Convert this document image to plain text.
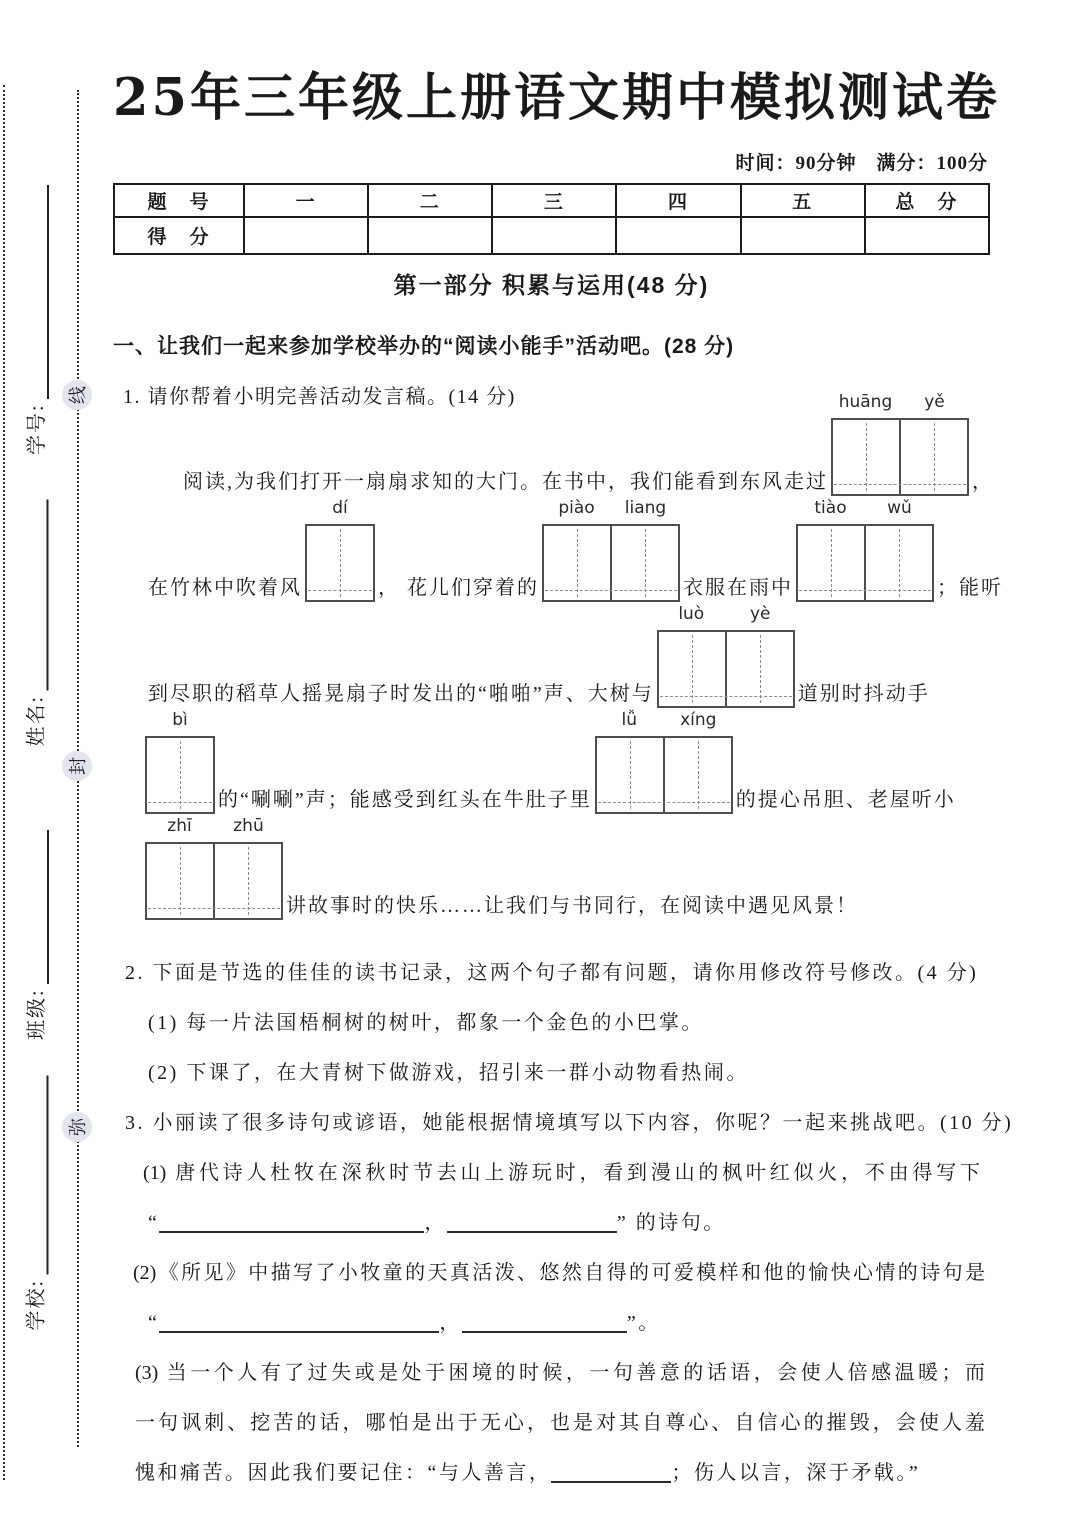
学号:
姓名:
班级:
学校:
线
封
弥
25年三年级上册语文期中模拟测试卷
时间：90分钟　满分：100分
题　号	一	二	三	四	五	总　分
得　分						
第一部分 积累与运用(48 分)
一、让我们一起来参加学校举办的“阅读小能手”活动吧。(28 分)
1. 请你帮着小明完善活动发言稿。(14 分)
阅读,为我们打开一扇扇求知的大门。在书中，我们能看到东风走过
huāng	yě
，
在竹林中吹着风
dí
， 花儿们穿着的
piào	liang
衣服在雨中
tiào	wǔ
；能听
到尽职的稻草人摇晃扇子时发出的“啪啪”声、大树与
luò	yè
道别时抖动手
bì
的“唰唰”声；能感受到红头在牛肚子里
lǚ	xíng
的提心吊胆、老屋听小
zhī	zhū
讲故事时的快乐……让我们与书同行，在阅读中遇见风景！
2. 下面是节选的佳佳的读书记录，这两个句子都有问题，请你用修改符号修改。(4 分)
(1) 每一片法国梧桐树的树叶，都象一个金色的小巴掌。
(2) 下课了，在大青树下做游戏，招引来一群小动物看热闹。
3. 小丽读了很多诗句或谚语，她能根据情境填写以下内容，你呢？一起来挑战吧。(10 分)
(1) 唐代诗人杜牧在深秋时节去山上游玩时，看到漫山的枫叶红似火，不由得写下
“	，	” 的诗句。
(2)《所见》中描写了小牧童的天真活泼、悠然自得的可爱模样和他的愉快心情的诗句是
“	，	”。
(3) 当一个人有了过失或是处于困境的时候，一句善意的话语，会使人倍感温暖；而
一句讽刺、挖苦的话，哪怕是出于无心，也是对其自尊心、自信心的摧毁，会使人羞
愧和痛苦。因此我们要记住：“与人善言，	；伤人以言，深于矛戟。”
